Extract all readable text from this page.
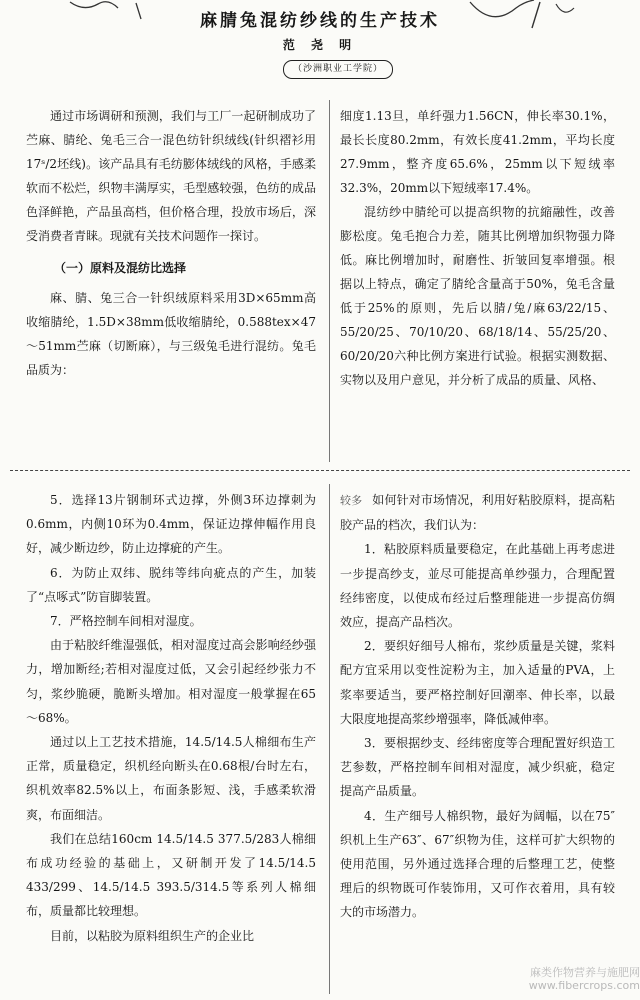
麻腈兔混纺纱线的生产技术
范 尧 明
（沙洲职业工学院）

通过市场调研和预测，我们与工厂一起研制成功了苎麻、腈纶、兔毛三合一混色纺针织绒线(针织褶衫用17ˢ/2坯线)。该产品具有毛纺膨体绒线的风格，手感柔软而不松烂，织物丰满厚实，毛型感较强，色纺的成品色泽鲜艳，产品虽高档，但价格合理，投放市场后，深受消费者青睐。现就有关技术问题作一探讨。

（一）原料及混纺比选择

麻、腈、兔三合一针织绒原料采用3D×65mm高收缩腈纶，1.5D×38mm低收缩腈纶，0.588tex×47～51mm苎麻（切断麻），与三级兔毛进行混纺。兔毛品质为：

细度1.13旦，单纤强力1.56CN，伸长率30.1%，最长长度80.2mm，有效长度41.2mm，平均长度27.9mm，整齐度65.6%，25mm以下短绒率32.3%，20mm以下短绒率17.4%。

混纺纱中腈纶可以提高织物的抗縮融性，改善膨松度。兔毛抱合力差，随其比例增加织物强力降低。麻比例增加时，耐磨性、折皱回复率增强。根据以上特点，确定了腈纶含量高于50%，兔毛含量低于25%的原则，先后以腈/兔/麻63/22/15、55/20/25、70/10/20、68/18/14、55/25/20、60/20/20六种比例方案进行试验。根据实测数据、实物以及用户意见，并分析了成品的质量、风格、

5．选择13片钢制环式边撑，外侧3环边撑刺为0.6mm，内侧10环为0.4mm，保证边撑伸幅作用良好，减少断边纱，防止边撑疵的产生。

6．为防止双纬、脱纬等纬向疵点的产生，加装了“点啄式”防盲脚装置。

7．严格控制车间相对湿度。

由于粘胶纤维湿强低，相对湿度过高会影响经纱强力，增加断经;若相对湿度过低，又会引起经纱张力不匀，浆纱脆硬，脆断头增加。相对湿度一般掌握在65～68%。

通过以上工艺技术措施，14.5/14.5人棉细布生产正常，质量稳定，织机经向断头在0.68根/台时左右，织机效率82.5%以上，布面条影短、浅，手感柔软滑爽，布面细洁。

我们在总结160cm 14.5/14.5 377.5/283人棉细布成功经验的基础上，又研制开发了14.5/14.5 433/299、14.5/14.5 393.5/314.5等系列人棉细布，质量都比较理想。

目前，以粘胶为原料组织生产的企业比

较多 如何针对市场情况，利用好粘胶原料，提高粘胶产品的档次，我们认为：

1．粘胶原料质量要稳定，在此基础上再考虑进一步提高纱支，並尽可能提高单纱强力，合理配置经纬密度，以使成布经过后整理能进一步提高仿绸效应，提高产品档次。

2．要织好细号人棉布，浆纱质量是关键，浆料配方宜采用以变性淀粉为主，加入适量的PVA，上浆率要适当，要严格控制好回潮率、伸长率，以最大限度地提高浆纱增强率，降低减伸率。

3．要根据纱支、经纬密度等合理配置好织造工艺参数，严格控制车间相对湿度，减少织疵，稳定提高产品质量。

4．生产细号人棉织物，最好为阔幅，以在75″织机上生产63″、67″织物为佳，这样可扩大织物的使用范围，另外通过选择合理的后整理工艺，使整理后的织物既可作装饰用，又可作衣着用，具有较大的市场潜力。

麻类作物营养与施肥网
www.fibercrops.com
